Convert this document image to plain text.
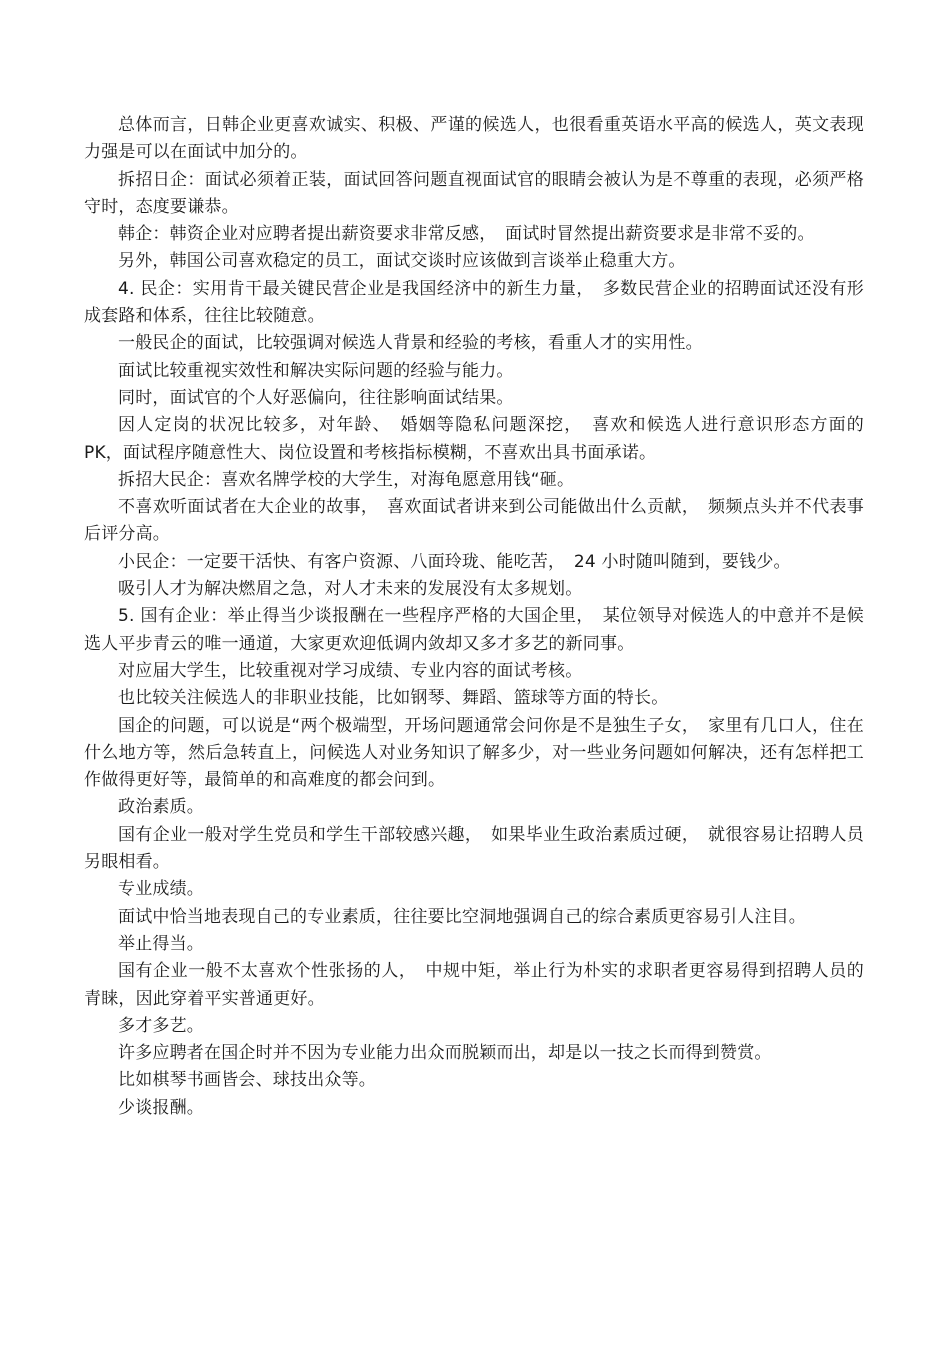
总体而言，日韩企业更喜欢诚实、积极、严谨的候选人，也很看重英语水平高的候选人，英文表现力强是可以在面试中加分的。

拆招日企：面试必须着正装，面试回答问题直视面试官的眼睛会被认为是不尊重的表现，必须严格守时，态度要谦恭。

韩企：韩资企业对应聘者提出薪资要求非常反感，　面试时冒然提出薪资要求是非常不妥的。

另外，韩国公司喜欢稳定的员工，面试交谈时应该做到言谈举止稳重大方。

4. 民企：实用肯干最关键民营企业是我国经济中的新生力量，　多数民营企业的招聘面试还没有形成套路和体系，往往比较随意。

一般民企的面试，比较强调对候选人背景和经验的考核，看重人才的实用性。

面试比较重视实效性和解决实际问题的经验与能力。

同时，面试官的个人好恶偏向，往往影响面试结果。

因人定岗的状况比较多，对年龄、　婚姻等隐私问题深挖，　喜欢和候选人进行意识形态方面的 PK，面试程序随意性大、岗位设置和考核指标模糊，不喜欢出具书面承诺。

拆招大民企：喜欢名牌学校的大学生，对海龟愿意用钱“砸。

不喜欢听面试者在大企业的故事，　喜欢面试者讲来到公司能做出什么贡献，　频频点头并不代表事后评分高。

小民企：一定要干活快、有客户资源、八面玲珑、能吃苦，　24 小时随叫随到，要钱少。

吸引人才为解决燃眉之急，对人才未来的发展没有太多规划。

5. 国有企业：举止得当少谈报酬在一些程序严格的大国企里，　某位领导对候选人的中意并不是候选人平步青云的唯一通道，大家更欢迎低调内敛却又多才多艺的新同事。

对应届大学生，比较重视对学习成绩、专业内容的面试考核。

也比较关注候选人的非职业技能，比如钢琴、舞蹈、篮球等方面的特长。

国企的问题，可以说是“两个极端型，开场问题通常会问你是不是独生子女，　家里有几口人，住在什么地方等，然后急转直上，问候选人对业务知识了解多少，对一些业务问题如何解决，还有怎样把工作做得更好等，最简单的和高难度的都会问到。

政治素质。

国有企业一般对学生党员和学生干部较感兴趣，　如果毕业生政治素质过硬，　就很容易让招聘人员另眼相看。

专业成绩。

面试中恰当地表现自己的专业素质，往往要比空洞地强调自己的综合素质更容易引人注目。

举止得当。

国有企业一般不太喜欢个性张扬的人，　中规中矩，举止行为朴实的求职者更容易得到招聘人员的青睐，因此穿着平实普通更好。

多才多艺。

许多应聘者在国企时并不因为专业能力出众而脱颖而出，却是以一技之长而得到赞赏。

比如棋琴书画皆会、球技出众等。

少谈报酬。
